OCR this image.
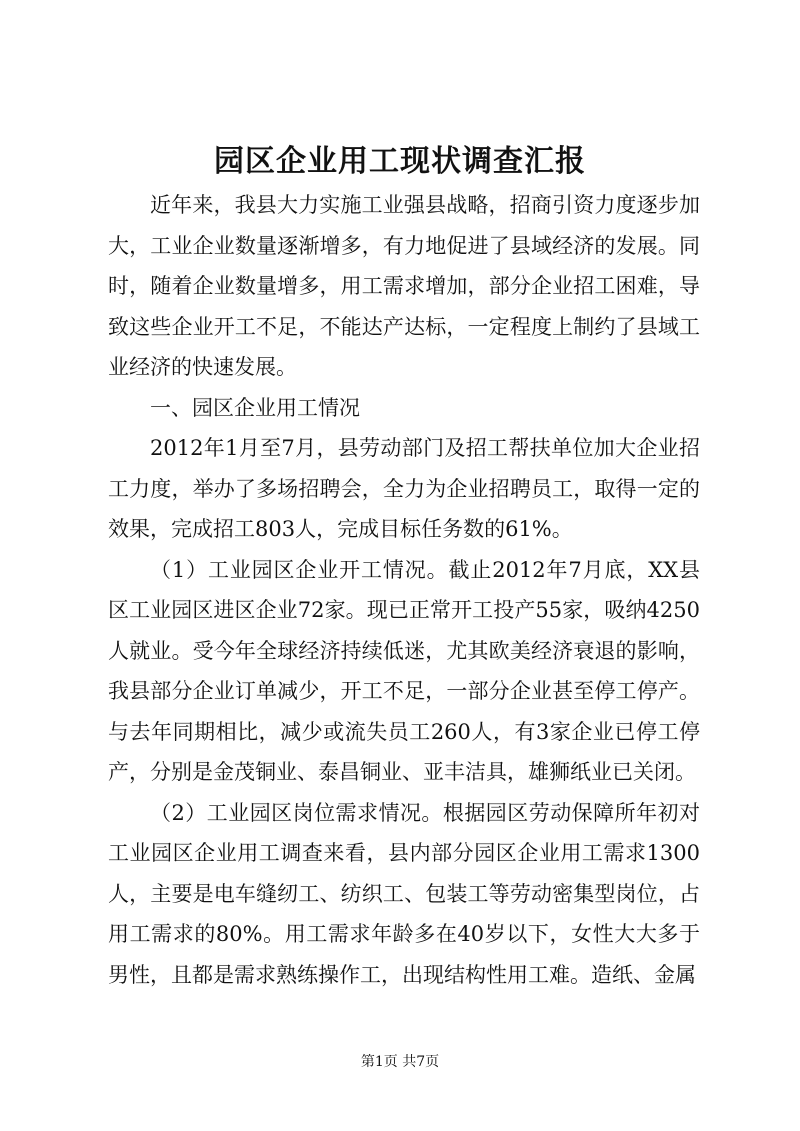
园区企业用工现状调查汇报

近年来，我县大力实施工业强县战略，招商引资力度逐步加大，工业企业数量逐渐增多，有力地促进了县域经济的发展。同时，随着企业数量增多，用工需求增加，部分企业招工困难，导致这些企业开工不足，不能达产达标，一定程度上制约了县域工业经济的快速发展。

一、园区企业用工情况

2012年1月至7月，县劳动部门及招工帮扶单位加大企业招工力度，举办了多场招聘会，全力为企业招聘员工，取得一定的效果，完成招工803人，完成目标任务数的61%。

（1）工业园区企业开工情况。截止2012年7月底，XX县区工业园区进区企业72家。现已正常开工投产55家，吸纳4250人就业。受今年全球经济持续低迷，尤其欧美经济衰退的影响，我县部分企业订单减少，开工不足，一部分企业甚至停工停产。与去年同期相比，减少或流失员工260人，有3家企业已停工停产，分别是金茂铜业、泰昌铜业、亚丰洁具，雄狮纸业已关闭。

（2）工业园区岗位需求情况。根据园区劳动保障所年初对工业园区企业用工调查来看，县内部分园区企业用工需求1300人，主要是电车缝纫工、纺织工、包装工等劳动密集型岗位，占用工需求的80%。用工需求年龄多在40岁以下，女性大大多于男性，且都是需求熟练操作工，出现结构性用工难。造纸、金属

第1页 共7页
